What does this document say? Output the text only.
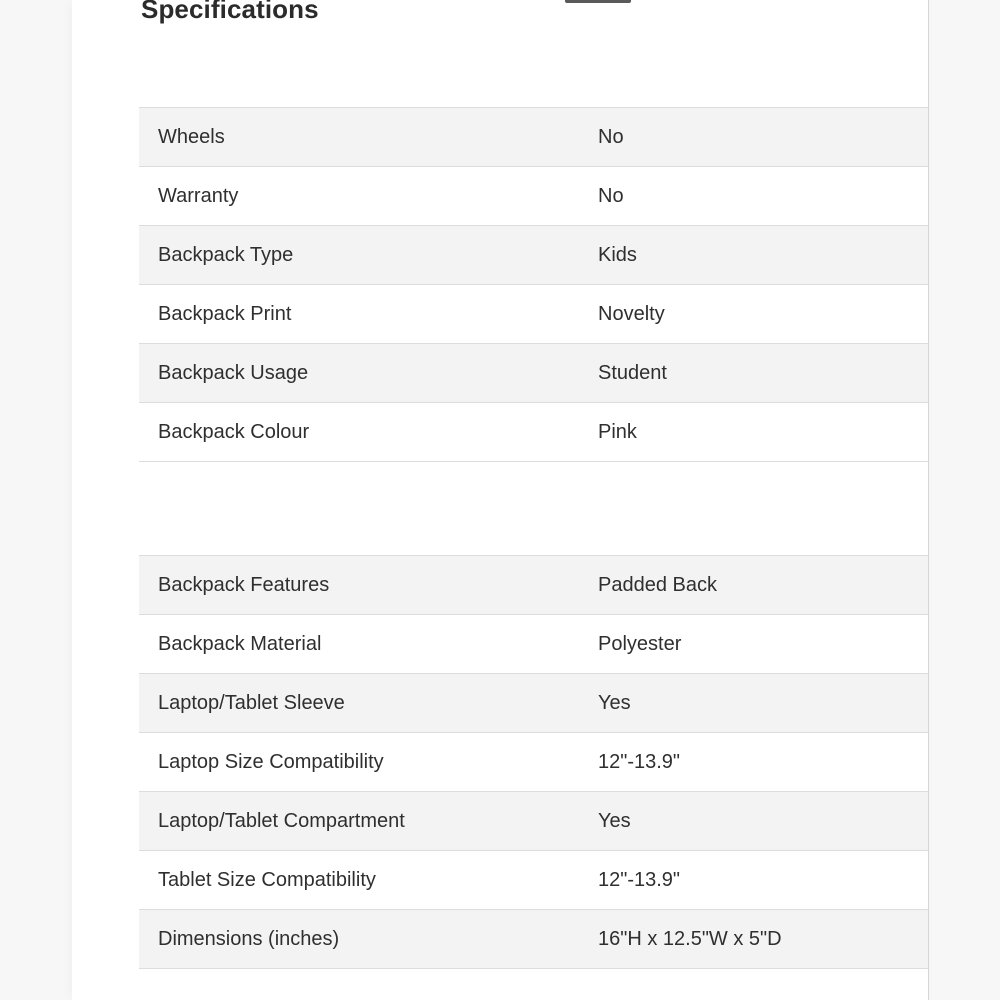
Specifications
Wheels	No
Warranty	No
Backpack Type	Kids
Backpack Print	Novelty
Backpack Usage	Student
Backpack Colour	Pink
Backpack Features	Padded Back
Backpack Material	Polyester
Laptop/Tablet Sleeve	Yes
Laptop Size Compatibility	12"-13.9"
Laptop/Tablet Compartment	Yes
Tablet Size Compatibility	12"-13.9"
Dimensions (inches)	16"H x 12.5"W x 5"D
